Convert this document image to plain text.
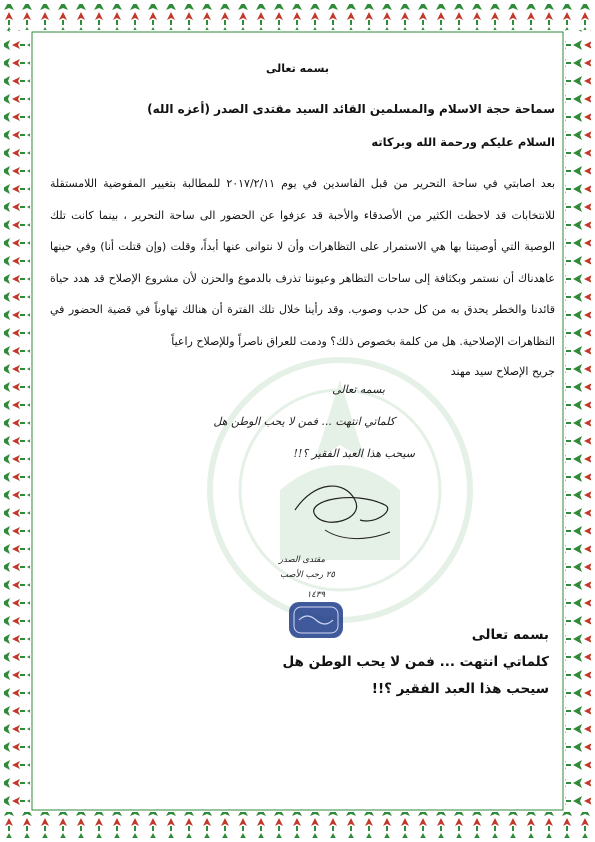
بسمه تعالى
سماحة حجة الاسلام والمسلمين القائد السيد مقتدى الصدر (أعزه الله)
السلام عليكم ورحمة الله وبركاته
بعد اصابتي في ساحة التحرير من قبل الفاسدين في يوم ٢٠١٧/٢/١١ للمطالبة بتغيير المفوضية اللامستقلة للانتخابات قد لاحظت الكثير من الأصدقاء والأحبة قد عزفوا عن الحضور الى ساحة التحرير ، بينما كانت تلك الوصية التي أوصيتنا بها هي الاستمرار على التظاهرات وأن لا نتوانى عنها أبداً، وقلت (وإن قتلت أنا) وفي حينها عاهدناك أن نستمر وبكثافة إلى ساحات التظاهر وعيوننا تذرف بالدموع والحزن لأن مشروع الإصلاح قد هدد حياة قائدنا والخطر يحدق به من كل حدب وصوب. وقد رأينا خلال تلك الفترة أن هنالك تهاوناً في قضية الحضور في التظاهرات الإصلاحية. هل من كلمة بخصوص ذلك؟ ودمت للعراق ناصراً وللإصلاح راعياً
جريح الإصلاح سيد مهند
بسمه تعالى
كلماتي انتهت ... فمن لا يحب الوطن هل
سيحب هذا العبد الفقير ؟!!
مقتدى الصدر
٢٥ رجب الأصب
١٤٣٩
بسمه تعالى
كلماتي انتهت ... فمن لا يحب الوطن هل
سيحب هذا العبد الفقير ؟!!
